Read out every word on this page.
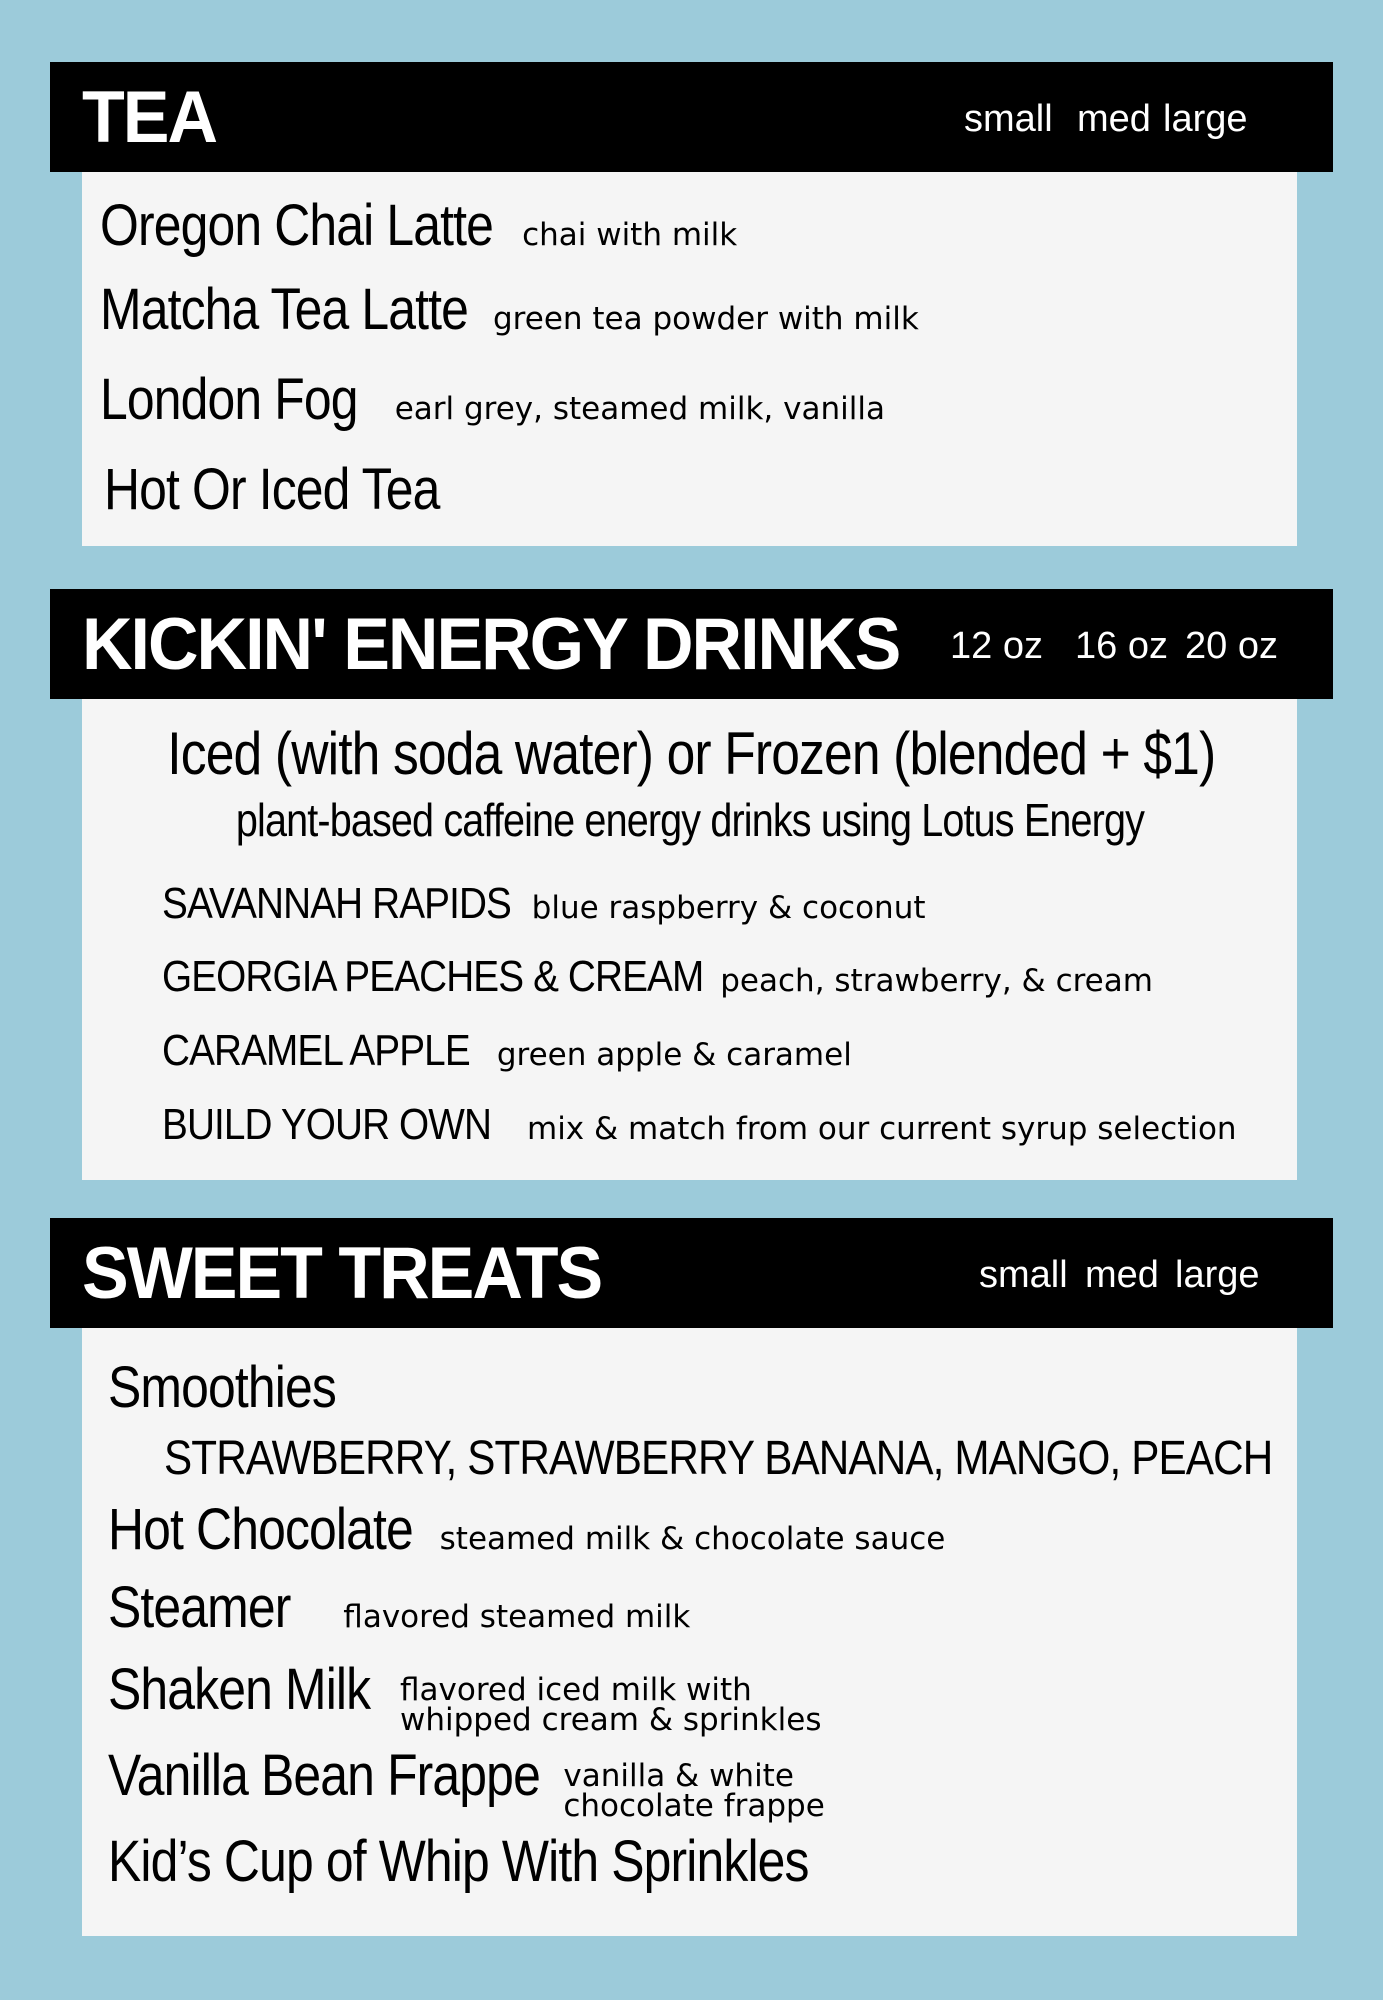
TEA	small med large
Oregon Chai Latte chai with milk
Matcha Tea Latte green tea powder with milk
London Fog earl grey, steamed milk, vanilla
Hot Or Iced Tea
KICKIN' ENERGY DRINKS 12 oz 16 oz 20 oz
Iced (with soda water) or Frozen (blended + $1)
plant-based caffeine energy drinks using Lotus Energy
SAVANNAH RAPIDS blue raspberry & coconut
GEORGIA PEACHES & CREAM peach, strawberry, & cream
CARAMEL APPLE green apple & caramel
BUILD YOUR OWN mix & match from our current syrup selection
SWEET TREATS	small med large
Smoothies
STRAWBERRY, STRAWBERRY BANANA, MANGO, PEACH
Hot Chocolate steamed milk & chocolate sauce
Steamer flavored steamed milk
Shaken Milk flavored iced milk with
whipped cream & sprinkles
Vanilla Bean Frappe vanilla & white
chocolate frappe
Kid’s Cup of Whip With Sprinkles
